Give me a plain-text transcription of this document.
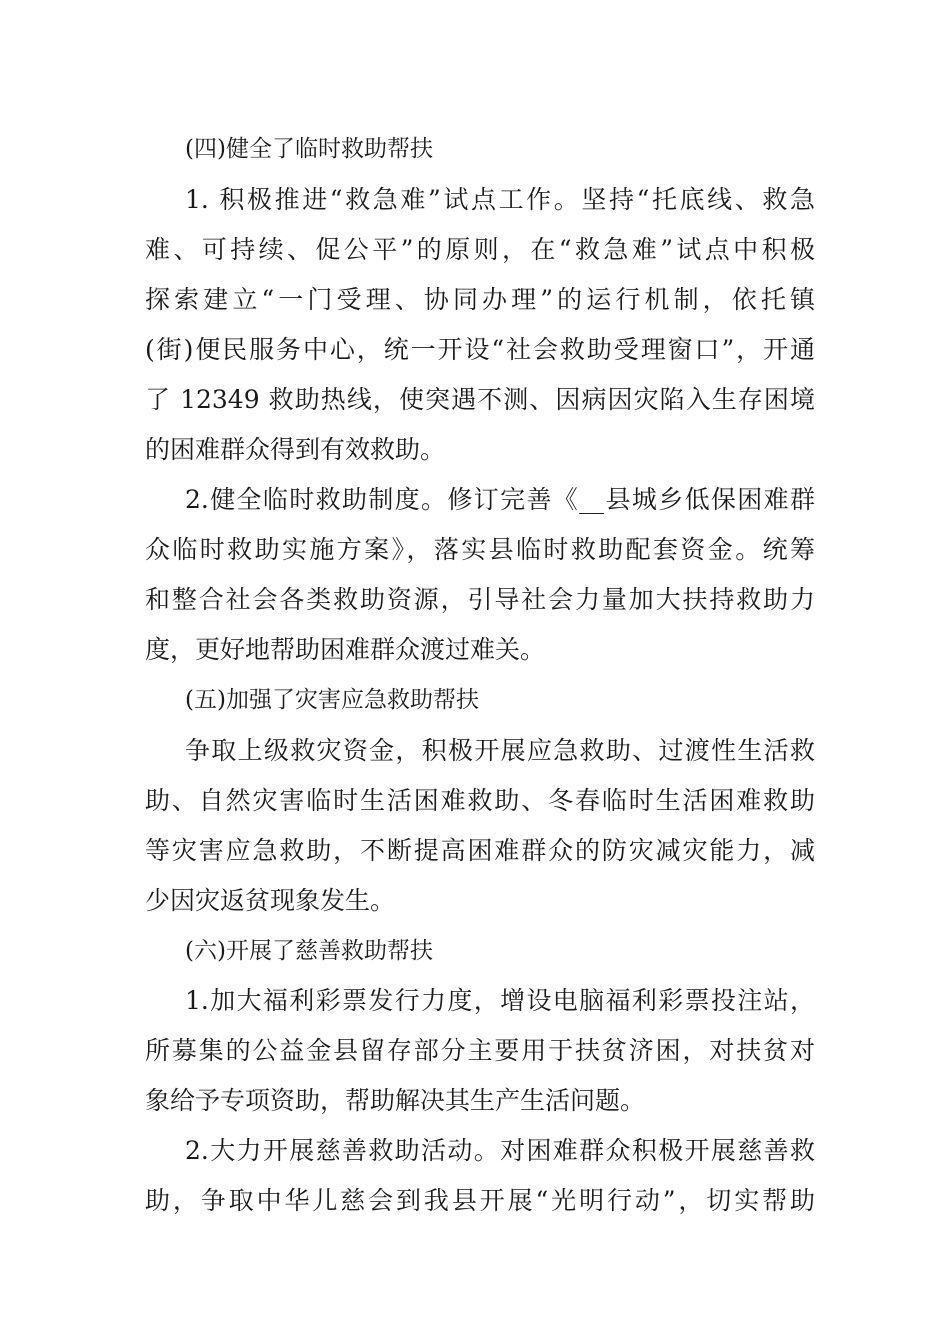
(四)健全了临时救助帮扶
1. 积极推进“救急难”试点工作。坚持“托底线、救急
难、可持续、促公平”的原则，在“救急难”试点中积极
探索建立“一门受理、协同办理”的运行机制，依托镇
(街)便民服务中心，统一开设“社会救助受理窗口”，开通
了 12349 救助热线，使突遇不测、因病因灾陷入生存困境
的困难群众得到有效救助。
2.健全临时救助制度。修订完善《__县城乡低保困难群
众临时救助实施方案》，落实县临时救助配套资金。统筹
和整合社会各类救助资源，引导社会力量加大扶持救助力
度，更好地帮助困难群众渡过难关。
(五)加强了灾害应急救助帮扶
争取上级救灾资金，积极开展应急救助、过渡性生活救
助、自然灾害临时生活困难救助、冬春临时生活困难救助
等灾害应急救助，不断提高困难群众的防灾减灾能力，减
少因灾返贫现象发生。
(六)开展了慈善救助帮扶
1.加大福利彩票发行力度，增设电脑福利彩票投注站，
所募集的公益金县留存部分主要用于扶贫济困，对扶贫对
象给予专项资助，帮助解决其生产生活问题。
2.大力开展慈善救助活动。对困难群众积极开展慈善救
助，争取中华儿慈会到我县开展“光明行动”，切实帮助
